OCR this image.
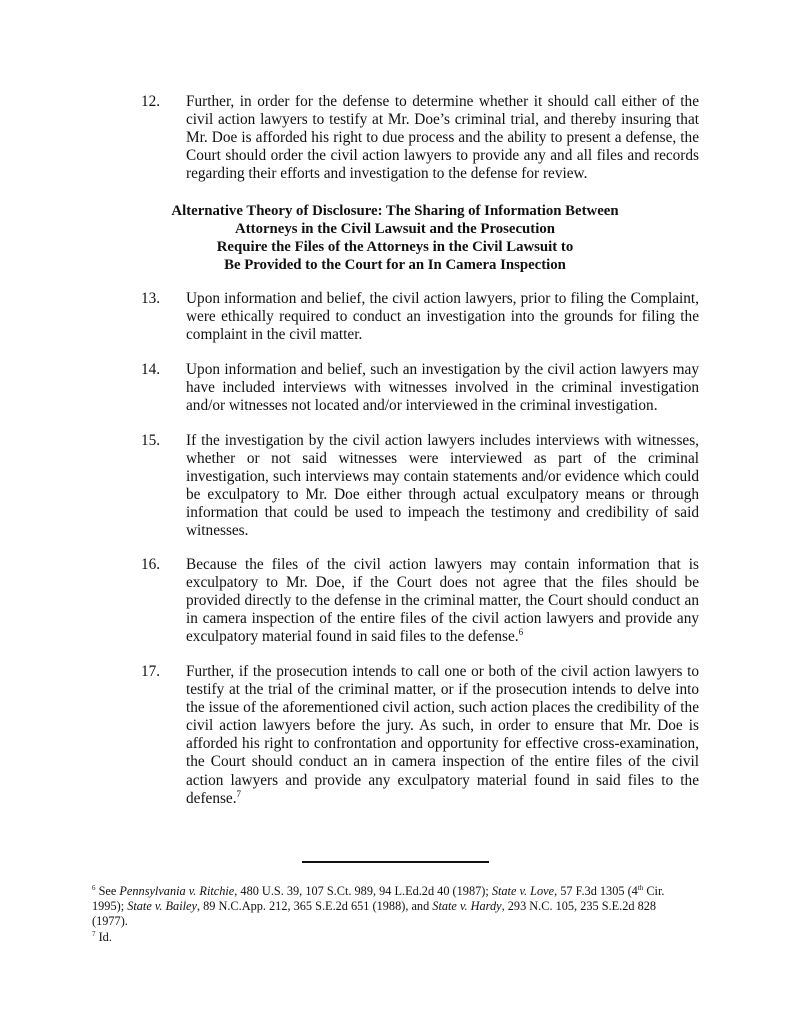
12.	Further, in order for the defense to determine whether it should call either of the civil action lawyers to testify at Mr. Doe’s criminal trial, and thereby insuring that Mr. Doe is afforded his right to due process and the ability to present a defense, the Court should order the civil action lawyers to provide any and all files and records regarding their efforts and investigation to the defense for review.
Alternative Theory of Disclosure: The Sharing of Information Between
Attorneys in the Civil Lawsuit and the Prosecution
Require the Files of the Attorneys in the Civil Lawsuit to
Be Provided to the Court for an In Camera Inspection
13.	Upon information and belief, the civil action lawyers, prior to filing the Complaint, were ethically required to conduct an investigation into the grounds for filing the complaint in the civil matter.
14.	Upon information and belief, such an investigation by the civil action lawyers may have included interviews with witnesses involved in the criminal investigation and/or witnesses not located and/or interviewed in the criminal investigation.
15.	If the investigation by the civil action lawyers includes interviews with witnesses, whether or not said witnesses were interviewed as part of the criminal investigation, such interviews may contain statements and/or evidence which could be exculpatory to Mr. Doe either through actual exculpatory means or through information that could be used to impeach the testimony and credibility of said witnesses.
16.	Because the files of the civil action lawyers may contain information that is exculpatory to Mr. Doe, if the Court does not agree that the files should be provided directly to the defense in the criminal matter, the Court should conduct an in camera inspection of the entire files of the civil action lawyers and provide any exculpatory material found in said files to the defense.$^6$
17.	Further, if the prosecution intends to call one or both of the civil action lawyers to testify at the trial of the criminal matter, or if the prosecution intends to delve into the issue of the aforementioned civil action, such action places the credibility of the civil action lawyers before the jury. As such, in order to ensure that Mr. Doe is afforded his right to confrontation and opportunity for effective cross-examination, the Court should conduct an in camera inspection of the entire files of the civil action lawyers and provide any exculpatory material found in said files to the defense.$^7$
$^6$ See Pennsylvania v. Ritchie, 480 U.S. 39, 107 S.Ct. 989, 94 L.Ed.2d 40 (1987); State v. Love, 57 F.3d 1305 (4th Cir. 1995); State v. Bailey, 89 N.C.App. 212, 365 S.E.2d 651 (1988), and State v. Hardy, 293 N.C. 105, 235 S.E.2d 828 (1977).
$^7$ Id.
